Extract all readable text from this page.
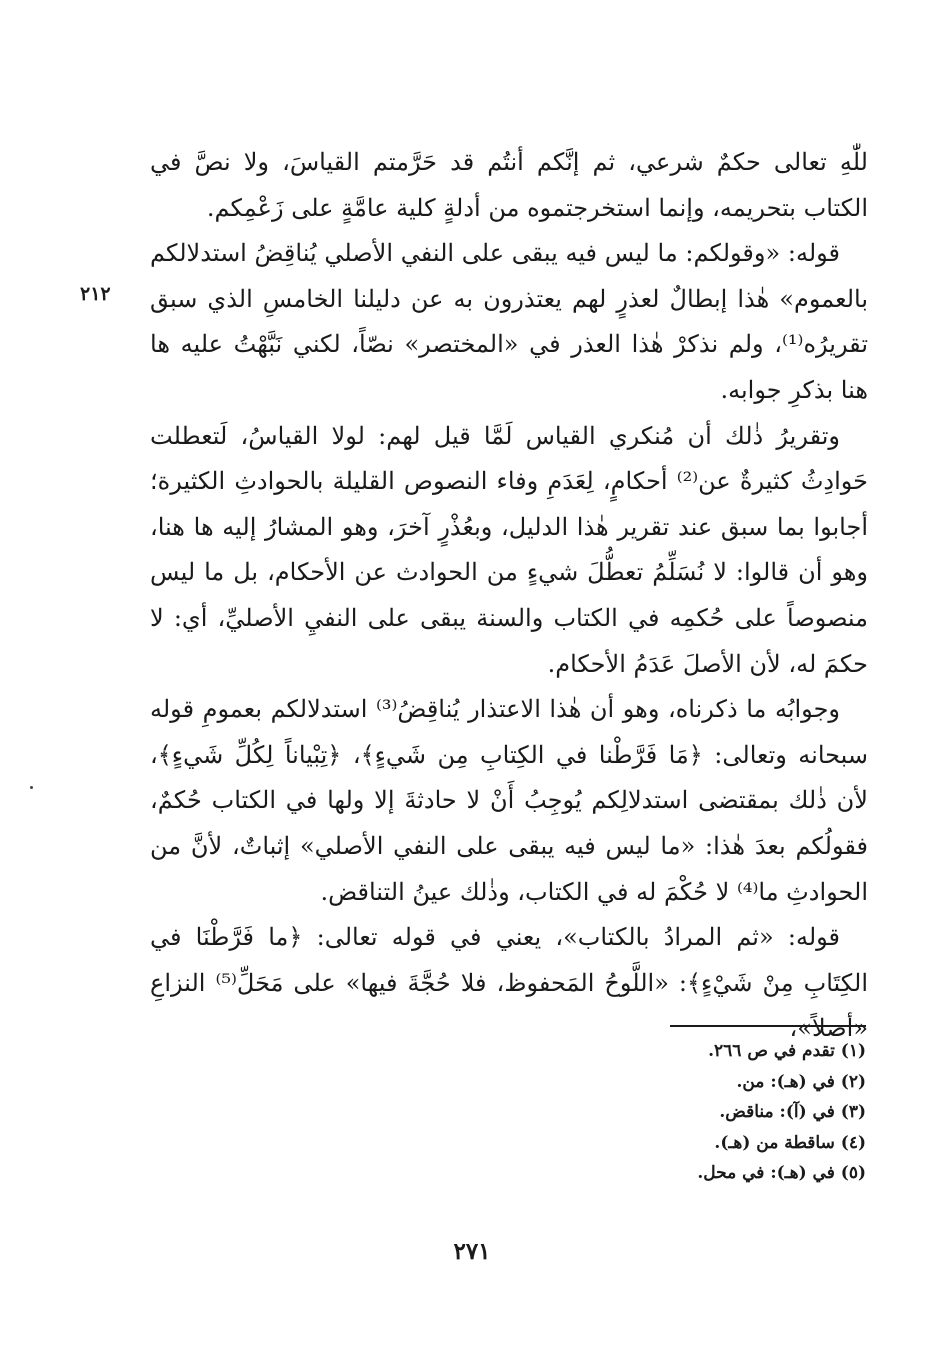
٢١٢

للّٰهِ تعالى حكمٌ شرعي، ثم إنَّكم أنتُم قد حَرَّمتم القياسَ، ولا نصَّ في الكتاب بتحريمه، وإنما استخرجتموه من أدلةٍ كلية عامَّةٍ على زَعْمِكم.

قوله: «وقولكم: ما ليس فيه يبقى على النفي الأصلي يُناقِضُ استدلالكم بالعموم» هٰذا إبطالٌ لعذرٍ لهم يعتذرون به عن دليلنا الخامسِ الذي سبق تقريرُه⁽¹⁾، ولم نذكرْ هٰذا العذر في «المختصر» نصّاً، لكني نَبَّهْتُ عليه ها هنا بذكرِ جوابه.

وتقريرُ ذٰلك أن مُنكري القياس لَمَّا قيل لهم: لولا القياسُ، لَتعطلت حَوادِثُ كثيرةٌ عن⁽²⁾ أحكامٍ، لِعَدَمِ وفاء النصوص القليلة بالحوادثِ الكثيرة؛ أجابوا بما سبق عند تقرير هٰذا الدليل، وبعُذْرٍ آخرَ، وهو المشارُ إليه ها هنا، وهو أن قالوا: لا نُسَلِّمُ تعطُّلَ شيءٍ من الحوادث عن الأحكام، بل ما ليس منصوصاً على حُكمِه في الكتاب والسنة يبقى على النفيِ الأصليِّ، أي: لا حكمَ له، لأن الأصلَ عَدَمُ الأحكام.

وجوابُه ما ذكرناه، وهو أن هٰذا الاعتذار يُناقِضُ⁽³⁾ استدلالكم بعمومِ قوله سبحانه وتعالى: ﴿مَا فَرَّطْنا في الكِتابِ مِن شَيءٍ﴾، ﴿تِبْياناً لِكُلِّ شَيءٍ﴾، لأن ذٰلك بمقتضى استدلالِكم يُوجِبُ أَنْ لا حادثةَ إلا ولها في الكتاب حُكمٌ، فقولُكم بعدَ هٰذا: «ما ليس فيه يبقى على النفي الأصلي» إثباتٌ، لأنَّ من الحوادثِ ما⁽⁴⁾ لا حُكْمَ له في الكتاب، وذٰلك عينُ التناقض.

قوله: «ثم المرادُ بالكتاب»، يعني في قوله تعالى: ﴿ما فَرَّطْنَا في الكِتَابِ مِنْ شَيْءٍ﴾: «اللَّوحُ المَحفوظ، فلا حُجَّةَ فيها» على مَحَلِّ⁽⁵⁾ النزاعِ «أصلاً»،

(١) تقدم في ص ٢٦٦.

(٢) في (هـ): من.

(٣) في (آ): مناقض.

(٤) ساقطة من (هـ).

(٥) في (هـ): في محل.

٢٧١
